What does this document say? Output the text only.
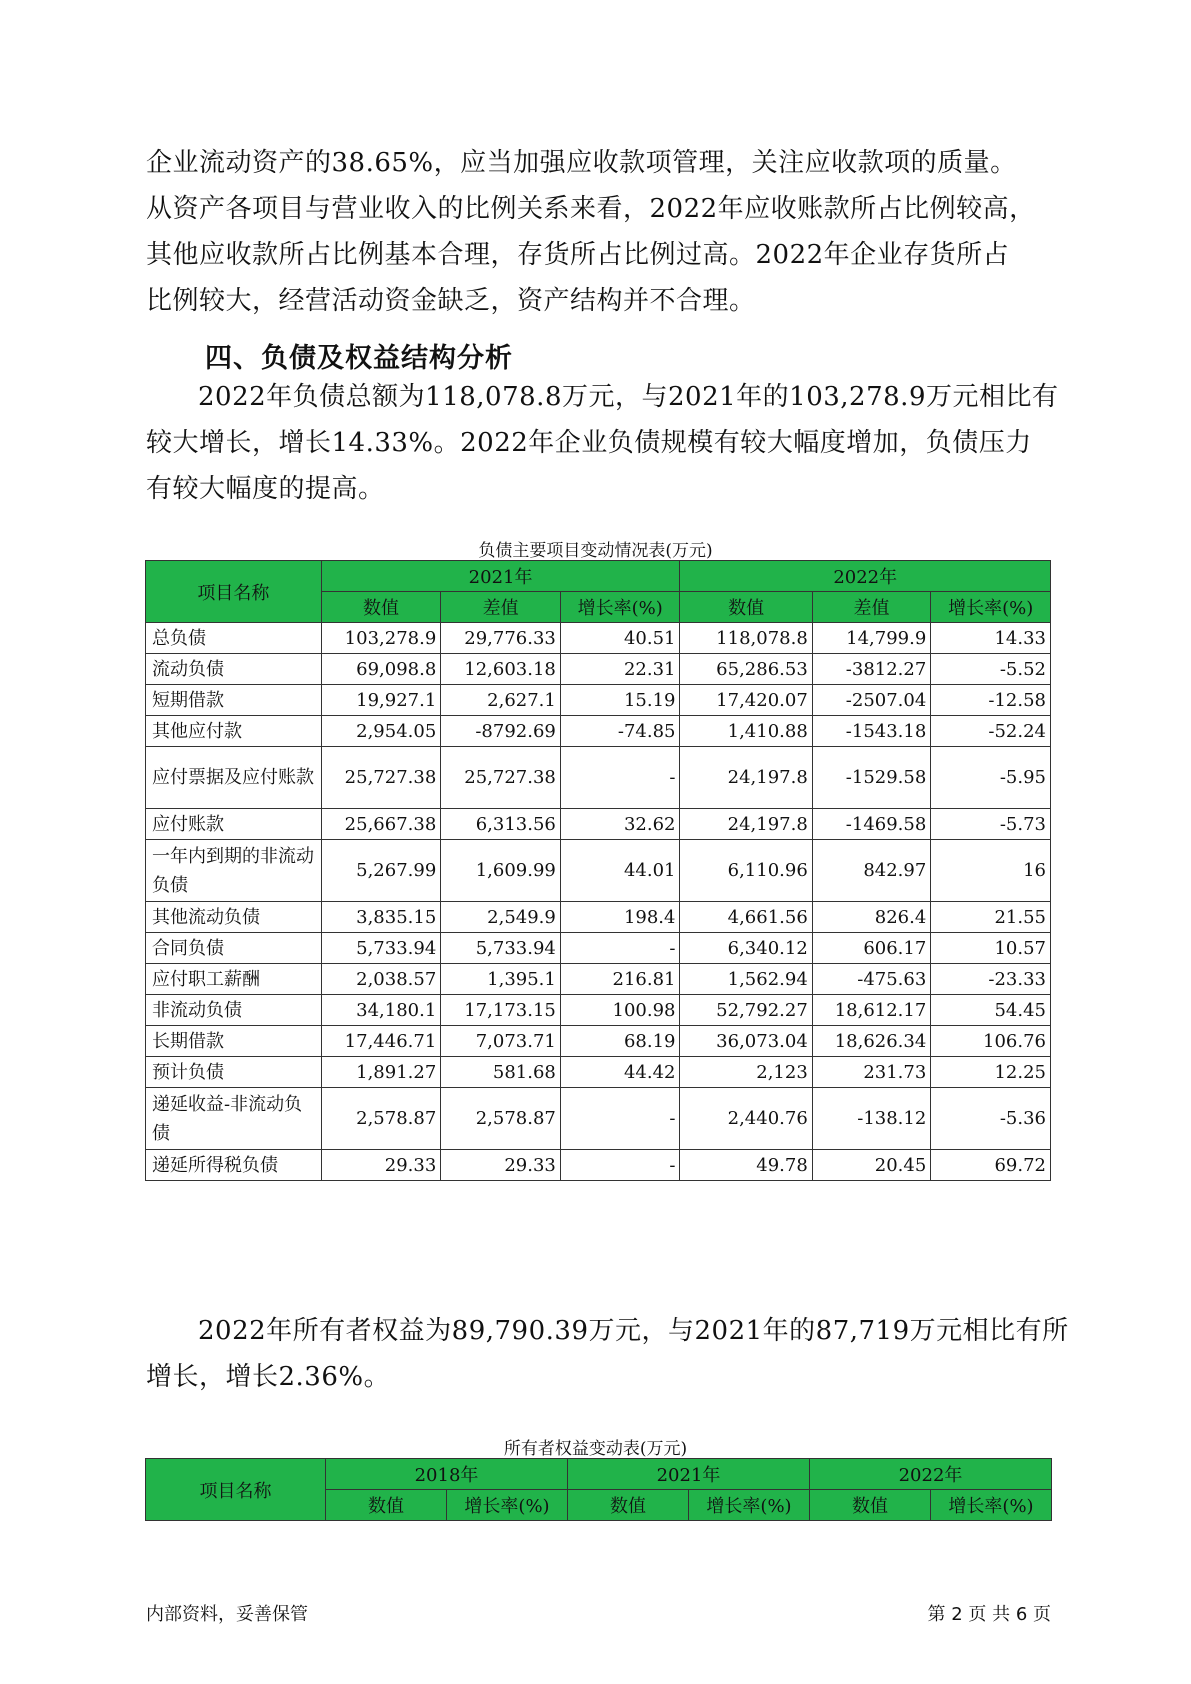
企业流动资产的38.65%，应当加强应收款项管理，关注应收款项的质量。
从资产各项目与营业收入的比例关系来看，2022年应收账款所占比例较高，
其他应收款所占比例基本合理，存货所占比例过高。2022年企业存货所占
比例较大，经营活动资金缺乏，资产结构并不合理。
四、负债及权益结构分析
2022年负债总额为118,078.8万元，与2021年的103,278.9万元相比有
较大增长，增长14.33%。2022年企业负债规模有较大幅度增加，负债压力
有较大幅度的提高。
负债主要项目变动情况表(万元)
项目名称	2021年			2022年		
	数值	差值	增长率(%)	数值	差值	增长率(%)
总负债	103,278.9	29,776.33	40.51	118,078.8	14,799.9	14.33
流动负债	69,098.8	12,603.18	22.31	65,286.53	-3812.27	-5.52
短期借款	19,927.1	2,627.1	15.19	17,420.07	-2507.04	-12.58
其他应付款	2,954.05	-8792.69	-74.85	1,410.88	-1543.18	-52.24
应付票据及应付账款	25,727.38	25,727.38	-	24,197.8	-1529.58	-5.95
应付账款	25,667.38	6,313.56	32.62	24,197.8	-1469.58	-5.73
一年内到期的非流动负债	5,267.99	1,609.99	44.01	6,110.96	842.97	16
其他流动负债	3,835.15	2,549.9	198.4	4,661.56	826.4	21.55
合同负债	5,733.94	5,733.94	-	6,340.12	606.17	10.57
应付职工薪酬	2,038.57	1,395.1	216.81	1,562.94	-475.63	-23.33
非流动负债	34,180.1	17,173.15	100.98	52,792.27	18,612.17	54.45
长期借款	17,446.71	7,073.71	68.19	36,073.04	18,626.34	106.76
预计负债	1,891.27	581.68	44.42	2,123	231.73	12.25
递延收益-非流动负债	2,578.87	2,578.87	-	2,440.76	-138.12	-5.36
递延所得税负债	29.33	29.33	-	49.78	20.45	69.72
2022年所有者权益为89,790.39万元，与2021年的87,719万元相比有所
增长，增长2.36%。
所有者权益变动表(万元)
项目名称	2018年		2021年		2022年	
	数值	增长率(%)	数值	增长率(%)	数值	增长率(%)
内部资料，妥善保管	第 2 页 共 6 页
